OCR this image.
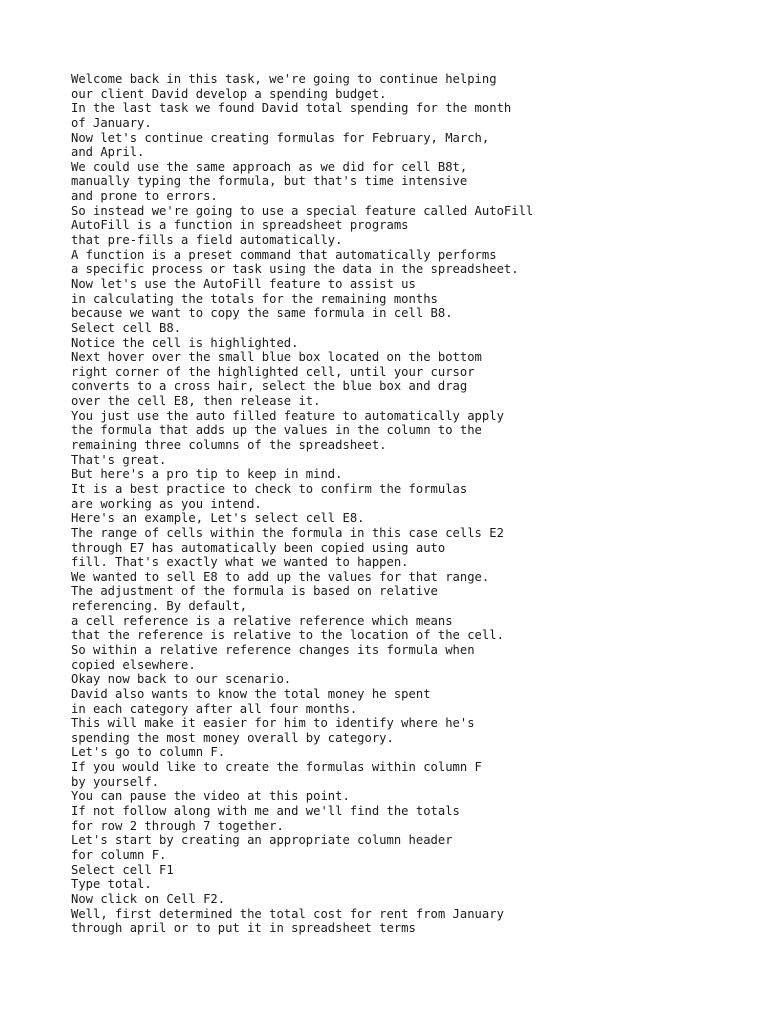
Welcome back in this task, we're going to continue helping
our client David develop a spending budget.
In the last task we found David total spending for the month
of January.
Now let's continue creating formulas for February, March,
and April.
We could use the same approach as we did for cell B8t,
manually typing the formula, but that's time intensive
and prone to errors.
So instead we're going to use a special feature called AutoFill
AutoFill is a function in spreadsheet programs
that pre-fills a field automatically.
A function is a preset command that automatically performs
a specific process or task using the data in the spreadsheet.
Now let's use the AutoFill feature to assist us
in calculating the totals for the remaining months
because we want to copy the same formula in cell B8.
Select cell B8.
Notice the cell is highlighted.
Next hover over the small blue box located on the bottom
right corner of the highlighted cell, until your cursor
converts to a cross hair, select the blue box and drag
over the cell E8, then release it.
You just use the auto filled feature to automatically apply
the formula that adds up the values in the column to the
remaining three columns of the spreadsheet.
That's great.
But here's a pro tip to keep in mind.
It is a best practice to check to confirm the formulas
are working as you intend.
Here's an example, Let's select cell E8.
The range of cells within the formula in this case cells E2
through E7 has automatically been copied using auto
fill. That's exactly what we wanted to happen.
We wanted to sell E8 to add up the values for that range.
The adjustment of the formula is based on relative
referencing. By default,
a cell reference is a relative reference which means
that the reference is relative to the location of the cell.
So within a relative reference changes its formula when
copied elsewhere.
Okay now back to our scenario.
David also wants to know the total money he spent
in each category after all four months.
This will make it easier for him to identify where he's
spending the most money overall by category.
Let's go to column F.
If you would like to create the formulas within column F
by yourself.
You can pause the video at this point.
If not follow along with me and we'll find the totals
for row 2 through 7 together.
Let's start by creating an appropriate column header
for column F.
Select cell F1
Type total.
Now click on Cell F2.
Well, first determined the total cost for rent from January
through april or to put it in spreadsheet terms
